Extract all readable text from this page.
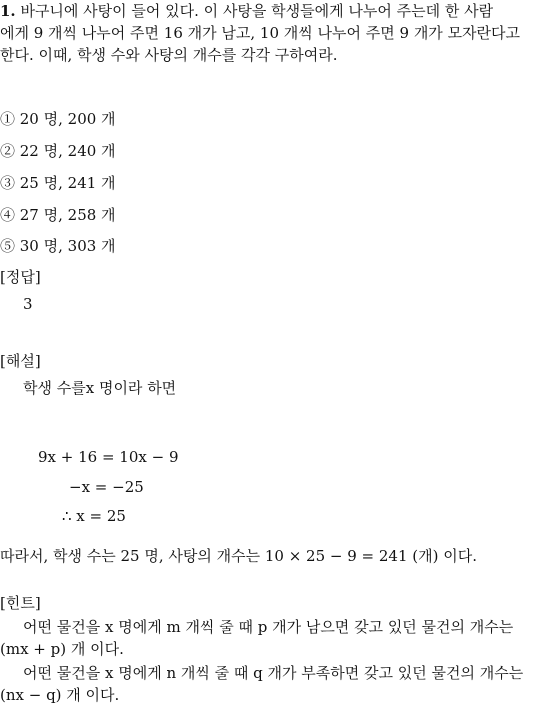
1. 바구니에 사탕이 들어 있다. 이 사탕을 학생들에게 나누어 주는데 한 사람
에게 9 개씩 나누어 주면 16 개가 남고, 10 개씩 나누어 주면 9 개가 모자란다고
한다. 이때, 학생 수와 사탕의 개수를 각각 구하여라.
① 20 명, 200 개
② 22 명, 240 개
③ 25 명, 241 개
④ 27 명, 258 개
⑤ 30 명, 303 개
[정답]
3
[해설]
학생 수를x 명이라 하면
9x + 16 = 10x − 9
−x = −25
∴ x = 25
따라서, 학생 수는 25 명, 사탕의 개수는 10 × 25 − 9 = 241 (개) 이다.
[힌트]
어떤 물건을 x 명에게 m 개씩 줄 때 p 개가 남으면 갖고 있던 물건의 개수는
(mx + p) 개 이다.
어떤 물건을 x 명에게 n 개씩 줄 때 q 개가 부족하면 갖고 있던 물건의 개수는
(nx − q) 개 이다.
